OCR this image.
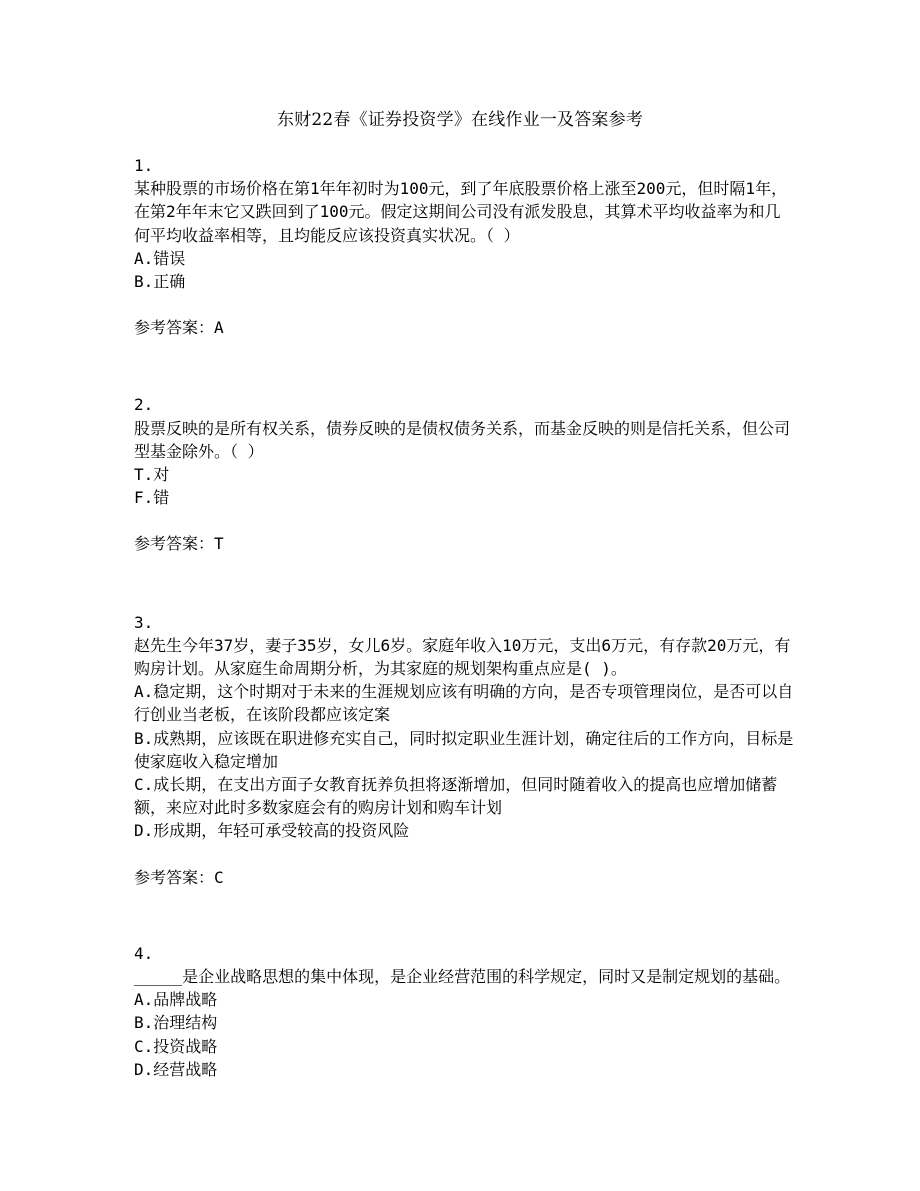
东财22春《证券投资学》在线作业一及答案参考
1.
某种股票的市场价格在第1年年初时为100元，到了年底股票价格上涨至200元，但时隔1年，在第2年年末它又跌回到了100元。假定这期间公司没有派发股息，其算术平均收益率为和几何平均收益率相等，且均能反应该投资真实状况。（ ）
A.错误
B.正确
参考答案：A
2.
股票反映的是所有权关系，债券反映的是债权债务关系，而基金反映的则是信托关系，但公司型基金除外。（ ）
T.对
F.错
参考答案：T
3.
赵先生今年37岁，妻子35岁，女儿6岁。家庭年收入10万元，支出6万元，有存款20万元，有购房计划。从家庭生命周期分析，为其家庭的规划架构重点应是( )。
A.稳定期，这个时期对于未来的生涯规划应该有明确的方向，是否专项管理岗位，是否可以自行创业当老板，在该阶段都应该定案
B.成熟期，应该既在职进修充实自己，同时拟定职业生涯计划，确定往后的工作方向，目标是使家庭收入稳定增加
C.成长期，在支出方面子女教育抚养负担将逐渐增加，但同时随着收入的提高也应增加储蓄额，来应对此时多数家庭会有的购房计划和购车计划
D.形成期，年轻可承受较高的投资风险
参考答案：C
4.
_____是企业战略思想的集中体现，是企业经营范围的科学规定，同时又是制定规划的基础。
A.品牌战略
B.治理结构
C.投资战略
D.经营战略
